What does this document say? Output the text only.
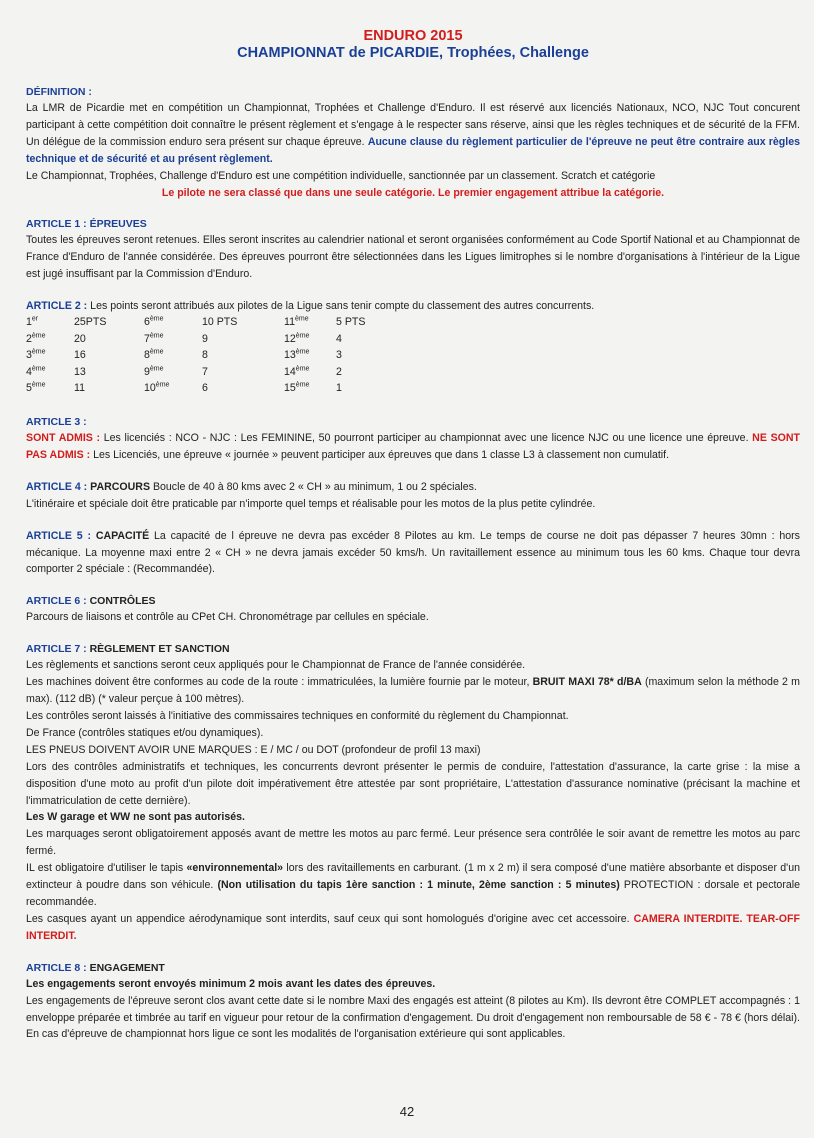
ENDURO 2015
CHAMPIONNAT de PICARDIE, Trophées, Challenge
DÉFINITION :

La LMR de Picardie met en compétition un Championnat, Trophées et Challenge d'Enduro. Il est réservé aux licenciés Nationaux, NCO, NJC Tout concurent participant à cette compétition doit connaître le présent règlement et s'engage à le respecter sans réserve, ainsi que les règles techniques et de sécurité de la FFM. Un délégue de la commission enduro sera présent sur chaque épreuve. Aucune clause du règlement particulier de l'épreuve ne peut être contraire aux règles technique et de sécurité et au présent règlement.

Le Championnat, Trophées, Challenge d'Enduro est une compétition individuelle, sanctionnée par un classement. Scratch et catégorie

Le pilote ne sera classé que dans une seule catégorie. Le premier engagement attribue la catégorie.

ARTICLE 1 : ÉPREUVES

Toutes les épreuves seront retenues. Elles seront inscrites au calendrier national et seront organisées conformément au Code Sportif National et au Championnat de France d'Enduro de l'année considérée. Des épreuves pourront être sélectionnées dans les Ligues limitrophes si le nombre d'organisations à l'intérieur de la Ligue est jugé insuffisant par la Commission d'Enduro.

ARTICLE 2 : Les points seront attribués aux pilotes de la Ligue sans tenir compte du classement des autres concurrents.

1er	25PTS	6ème	10 PTS	11ème	5 PTS
2ème	20	7ème	9	12ème	4
3ème	16	8ème	8	13ème	3
4ème	13	9ème	7	14ème	2
5ème	11	10ème	6	15ème	1
ARTICLE 3 :

SONT ADMIS : Les licenciés : NCO - NJC : Les FEMININE, 50 pourront participer au championnat avec une licence NJC ou une licence une épreuve. NE SONT PAS ADMIS : Les Licenciés, une épreuve « journée » peuvent participer aux épreuves que dans 1 classe L3 à classement non cumulatif.

ARTICLE 4 : PARCOURS Boucle de 40 à 80 kms avec 2 « CH » au minimum, 1 ou 2 spéciales.

L'itinéraire et spéciale doit être praticable par n'importe quel temps et réalisable pour les motos de la plus petite cylindrée.

ARTICLE 5 : CAPACITÉ La capacité de l épreuve ne devra pas excéder 8 Pilotes au km. Le temps de course ne doit pas dépasser 7 heures 30mn : hors mécanique. La moyenne maxi entre 2 « CH » ne devra jamais excéder 50 kms/h. Un ravitaillement essence au minimum tous les 60 kms. Chaque tour devra comporter 2 spéciale : (Recommandée).

ARTICLE 6 : CONTRÔLES

Parcours de liaisons et contrôle au CPet CH. Chronométrage par cellules en spéciale.

ARTICLE 7 : RÈGLEMENT ET SANCTION

Les règlements et sanctions seront ceux appliqués pour le Championnat de France de l'année considérée.

Les machines doivent être conformes au code de la route : immatriculées, la lumière fournie par le moteur, BRUIT MAXI 78* d/BA (maximum selon la méthode 2 m max). (112 dB) (* valeur perçue à 100 mètres).

Les contrôles seront laissés à l'initiative des commissaires techniques en conformité du règlement du Championnat.

De France (contrôles statiques et/ou dynamiques).

LES PNEUS DOIVENT AVOIR UNE MARQUES : E / MC / ou DOT (profondeur de profil 13 maxi)

Lors des contrôles administratifs et techniques, les concurrents devront présenter le permis de conduire, l'attestation d'assurance, la carte grise : la mise a disposition d'une moto au profit d'un pilote doit impérativement être attestée par sont propriétaire, L'attestation d'assurance nominative (précisant la machine et l'immatriculation de cette dernière).

Les W garage et WW ne sont pas autorisés.

Les marquages seront obligatoirement apposés avant de mettre les motos au parc fermé. Leur présence sera contrôlée le soir avant de remettre les motos au parc fermé.

IL est obligatoire d'utiliser le tapis «environnemental» lors des ravitaillements en carburant. (1 m x 2 m) il sera composé d'une matière absorbante et disposer d'un extincteur à poudre dans son véhicule. (Non utilisation du tapis 1ère sanction : 1 minute, 2ème sanction : 5 minutes) PROTECTION : dorsale et pectorale recommandée.

Les casques ayant un appendice aérodynamique sont interdits, sauf ceux qui sont homologués d'origine avec cet accessoire. CAMERA INTERDITE. TEAR-OFF INTERDIT.

ARTICLE 8 : ENGAGEMENT

Les engagements seront envoyés minimum 2 mois avant les dates des épreuves.

Les engagements de l'épreuve seront clos avant cette date si le nombre Maxi des engagés est atteint (8 pilotes au Km). Ils devront être COMPLET accompagnés : 1 enveloppe préparée et timbrée au tarif en vigueur pour retour de la confirmation d'engagement. Du droit d'engagement non remboursable de 58 € - 78 € (hors délai). En cas d'épreuve de championnat hors ligue ce sont les modalités de l'organisation extérieure qui sont applicables.

42
